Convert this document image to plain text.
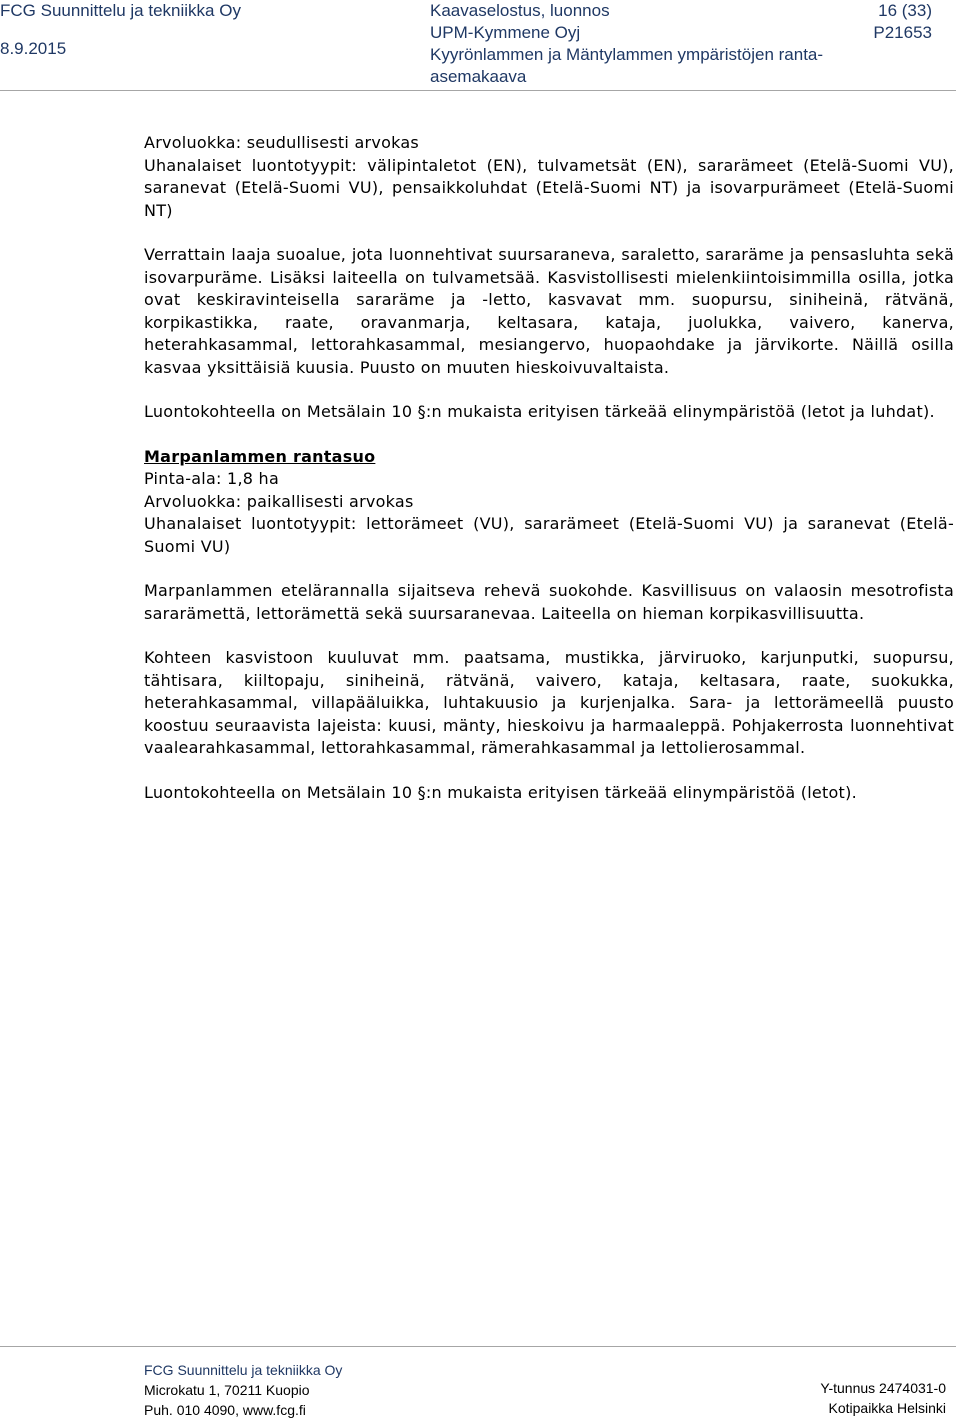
FCG Suunnittelu ja tekniikka Oy
8.9.2015
Kaavaselostus, luonnos
UPM-Kymmene Oyj
Kyyrönlammen ja Mäntylammen ympäristöjen ranta-
asemakaava
16 (33)
P21653

Arvoluokka: seudullisesti arvokas

Uhanalaiset luontotyypit: välipintaletot (EN), tulvametsät (EN), sararämeet (Etelä-Suomi VU), saranevat (Etelä-Suomi VU), pensaikkoluhdat (Etelä-Suomi NT) ja isovarpurämeet (Etelä-Suomi NT)

Verrattain laaja suoalue, jota luonnehtivat suursaraneva, saraletto, sararäme ja pensasluhta sekä isovarpuräme. Lisäksi laiteella on tulvametsää. Kasvistollisesti mielenkiintoisimmilla osilla, jotka ovat keskiravinteisella sararäme ja -letto, kasvavat mm. suopursu, siniheinä, rätvänä, korpikastikka, raate, oravanmarja, keltasara, kataja, juolukka, vaivero, kanerva, heterahkasammal, lettorahkasammal, mesiangervo, huopaohdake ja järvikorte. Näillä osilla kasvaa yksittäisiä kuusia. Puusto on muuten hieskoivuvaltaista.

Luontokohteella on Metsälain 10 §:n mukaista erityisen tärkeää elinympäristöä (letot ja luhdat).

Marpanlammen rantasuo

Pinta-ala: 1,8 ha

Arvoluokka: paikallisesti arvokas

Uhanalaiset luontotyypit: lettorämeet (VU), sararämeet (Etelä-Suomi VU) ja saranevat (Etelä-Suomi VU)

Marpanlammen etelärannalla sijaitseva rehevä suokohde. Kasvillisuus on valaosin mesotrofista sararämettä, lettorämettä sekä suursaranevaa. Laiteella on hieman korpikasvillisuutta.

Kohteen kasvistoon kuuluvat mm. paatsama, mustikka, järviruoko, karjunputki, suopursu, tähtisara, kiiltopaju, siniheinä, rätvänä, vaivero, kataja, keltasara, raate, suokukka, heterahkasammal, villapääluikka, luhtakuusio ja kurjenjalka. Sara- ja lettorämeellä puusto koostuu seuraavista lajeista: kuusi, mänty, hieskoivu ja harmaaleppä. Pohjakerrosta luonnehtivat vaalearahkasammal, lettorahkasammal, rämerahkasammal ja lettolierosammal.

Luontokohteella on Metsälain 10 §:n mukaista erityisen tärkeää elinympäristöä (letot).

FCG Suunnittelu ja tekniikka Oy
Microkatu 1, 70211 Kuopio
Puh. 010 4090, www.fcg.fi
Y-tunnus 2474031-0
Kotipaikka Helsinki
